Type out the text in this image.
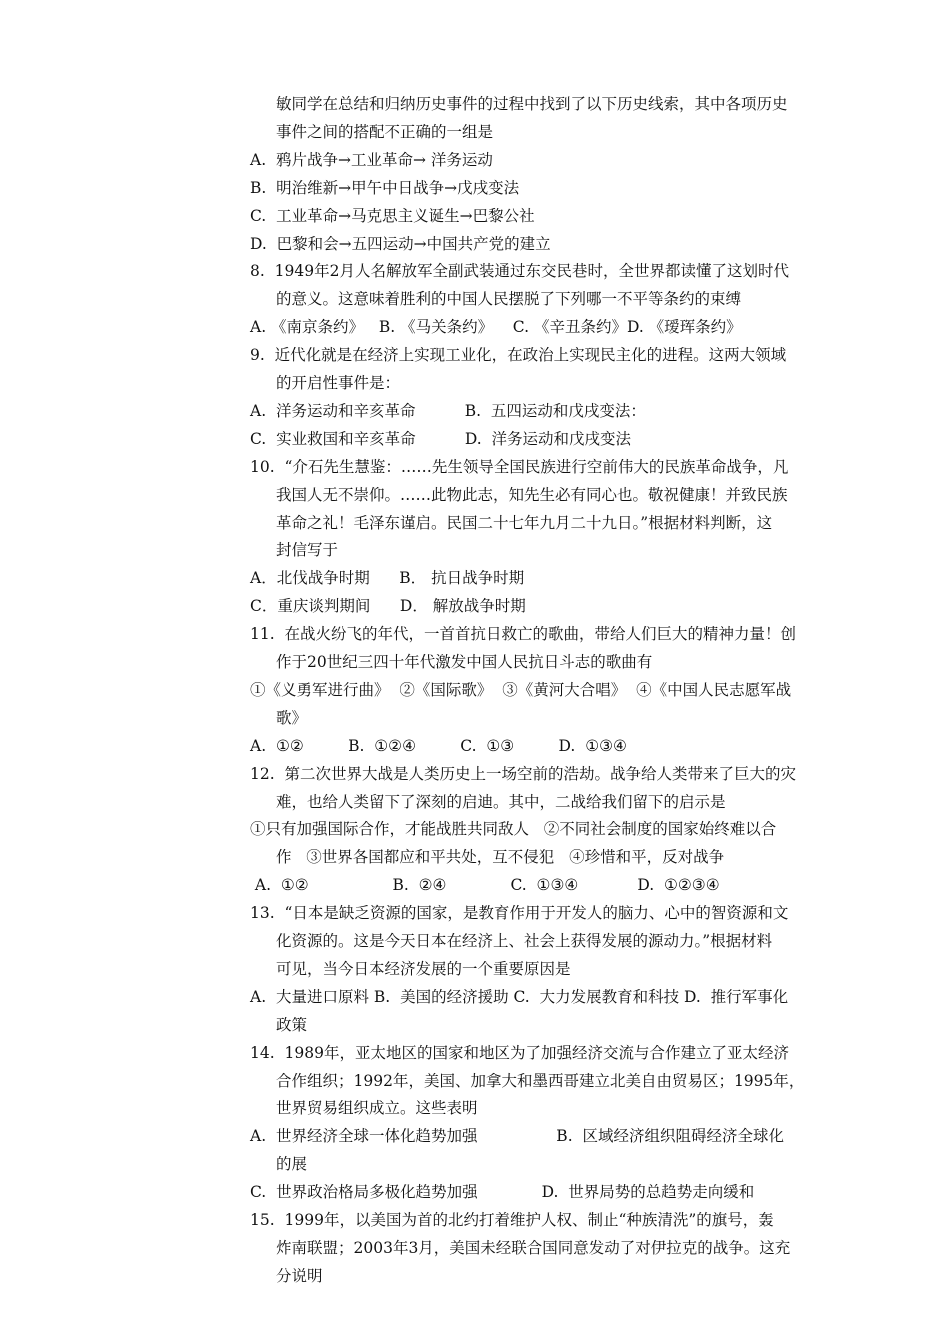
敏同学在总结和归纳历史事件的过程中找到了以下历史线索，其中各项历史
事件之间的搭配不正确的一组是
A.  鸦片战争→工业革命→ 洋务运动
B.  明治维新→甲午中日战争→戊戌变法
C.  工业革命→马克思主义诞生→巴黎公社
D.  巴黎和会→五四运动→中国共产党的建立
8.  1949年2月人名解放军全副武装通过东交民巷时，全世界都读懂了这划时代
的意义。这意味着胜利的中国人民摆脱了下列哪一不平等条约的束缚
A. 《南京条约》   B. 《马关条约》    C. 《辛丑条约》D. 《瑷珲条约》
9.  近代化就是在经济上实现工业化，在政治上实现民主化的进程。这两大领域
的开启性事件是：
A.  洋务运动和辛亥革命          B.  五四运动和戊戌变法：
C.  实业救国和辛亥革命          D.  洋务运动和戊戌变法
10.  “介石先生慧鉴：……先生领导全国民族进行空前伟大的民族革命战争，凡
我国人无不崇仰。……此物此志，知先生必有同心也。敬祝健康！并致民族
革命之礼！毛泽东谨启。民国二十七年九月二十九日。”根据材料判断，这
封信写于
A．北伐战争时期      B． 抗日战争时期
C．重庆谈判期间      D． 解放战争时期
11.  在战火纷飞的年代，一首首抗日救亡的歌曲，带给人们巨大的精神力量！创
作于20世纪三四十年代激发中国人民抗日斗志的歌曲有
①《义勇军进行曲》  ②《国际歌》  ③《黄河大合唱》  ④《中国人民志愿军战
歌》
A.  ①②         B.  ①②④         C.  ①③         D.  ①③④
12.  第二次世界大战是人类历史上一场空前的浩劫。战争给人类带来了巨大的灾
难，也给人类留下了深刻的启迪。其中，二战给我们留下的启示是
①只有加强国际合作，才能战胜共同敌人   ②不同社会制度的国家始终难以合
作   ③世界各国都应和平共处，互不侵犯   ④珍惜和平，反对战争
A.  ①②                 B.  ②④             C.  ①③④            D.  ①②③④
13.  “日本是缺乏资源的国家，是教育作用于开发人的脑力、心中的智资源和文
化资源的。这是今天日本在经济上、社会上获得发展的源动力。”根据材料
可见，当今日本经济发展的一个重要原因是
A.  大量进口原料 B.  美国的经济援助 C.  大力发展教育和科技 D.  推行军事化
政策
14.  1989年，亚太地区的国家和地区为了加强经济交流与合作建立了亚太经济
合作组织；1992年，美国、加拿大和墨西哥建立北美自由贸易区；1995年，
世界贸易组织成立。这些表明
A.  世界经济全球一体化趋势加强                B.  区域经济组织阻碍经济全球化
的展
C.  世界政治格局多极化趋势加强             D.  世界局势的总趋势走向缓和
15.  1999年，以美国为首的北约打着维护人权、制止“种族清洗”的旗号，轰
炸南联盟；2003年3月，美国未经联合国同意发动了对伊拉克的战争。这充
分说明
